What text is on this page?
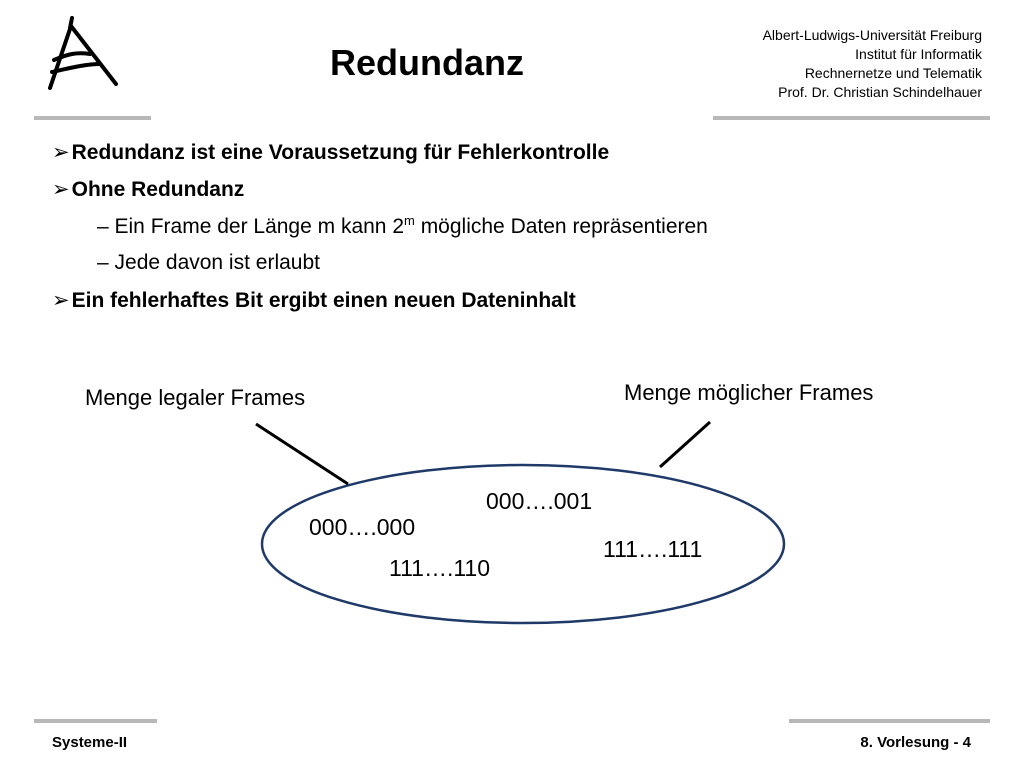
Redundanz
Albert-Ludwigs-Universität Freiburg
Institut für Informatik
Rechnernetze und Telematik
Prof. Dr. Christian Schindelhauer
➢Redundanz ist eine Voraussetzung für Fehlerkontrolle
➢Ohne Redundanz
– Ein Frame der Länge m kann 2$^m$ mögliche Daten repräsentieren
– Jede davon ist erlaubt
➢Ein fehlerhaftes Bit ergibt einen neuen Dateninhalt
Menge legaler Frames	Menge möglicher Frames
000….001
000….000
111….111
111….110
Systeme-II	8. Vorlesung - 4
